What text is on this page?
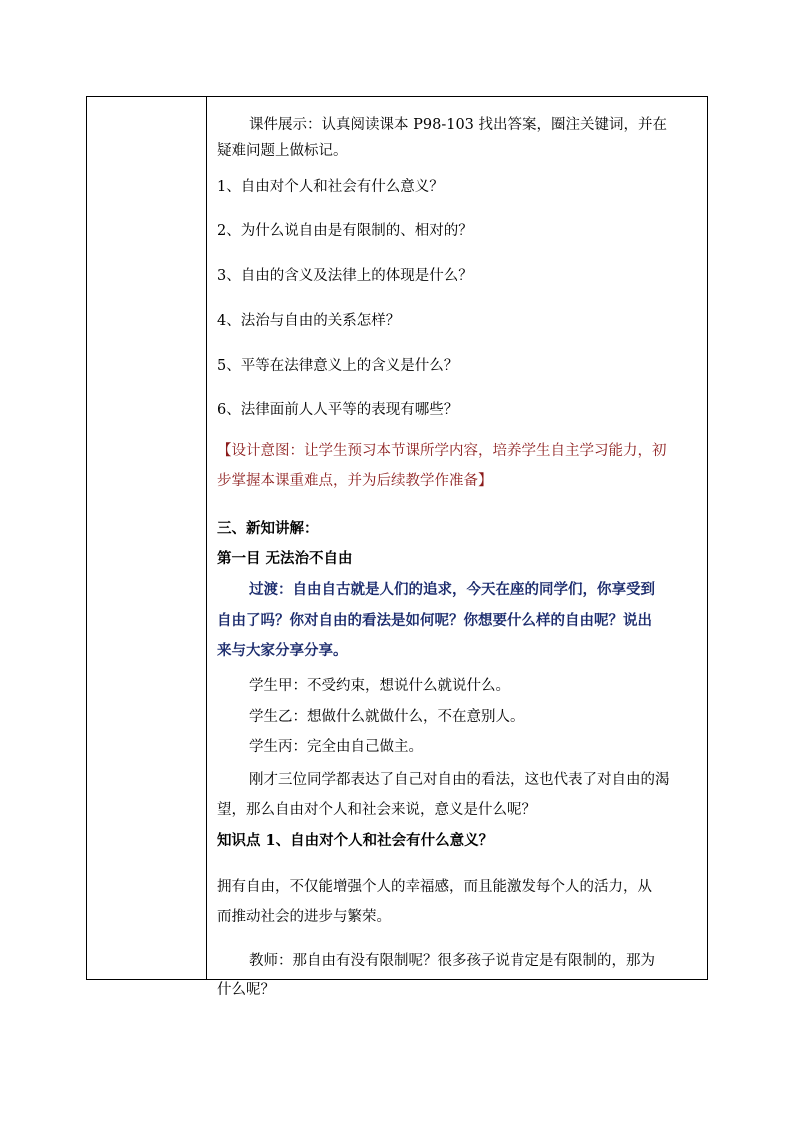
课件展示：认真阅读课本 P98-103 找出答案，圈注关键词，并在
疑难问题上做标记。
1、自由对个人和社会有什么意义？
2、为什么说自由是有限制的、相对的？
3、自由的含义及法律上的体现是什么？
4、法治与自由的关系怎样？
5、平等在法律意义上的含义是什么？
6、法律面前人人平等的表现有哪些？
【设计意图：让学生预习本节课所学内容，培养学生自主学习能力，初
步掌握本课重难点，并为后续教学作准备】
三、新知讲解：
第一目 无法治不自由
过渡：自由自古就是人们的追求，今天在座的同学们，你享受到
自由了吗？你对自由的看法是如何呢？你想要什么样的自由呢？说出
来与大家分享分享。
学生甲：不受约束，想说什么就说什么。
学生乙：想做什么就做什么，不在意别人。
学生丙：完全由自己做主。
刚才三位同学都表达了自己对自由的看法，这也代表了对自由的渴
望，那么自由对个人和社会来说，意义是什么呢？
知识点 1、自由对个人和社会有什么意义？
拥有自由，不仅能增强个人的幸福感，而且能激发每个人的活力，从
而推动社会的进步与繁荣。
教师：那自由有没有限制呢？很多孩子说肯定是有限制的，那为
什么呢？
